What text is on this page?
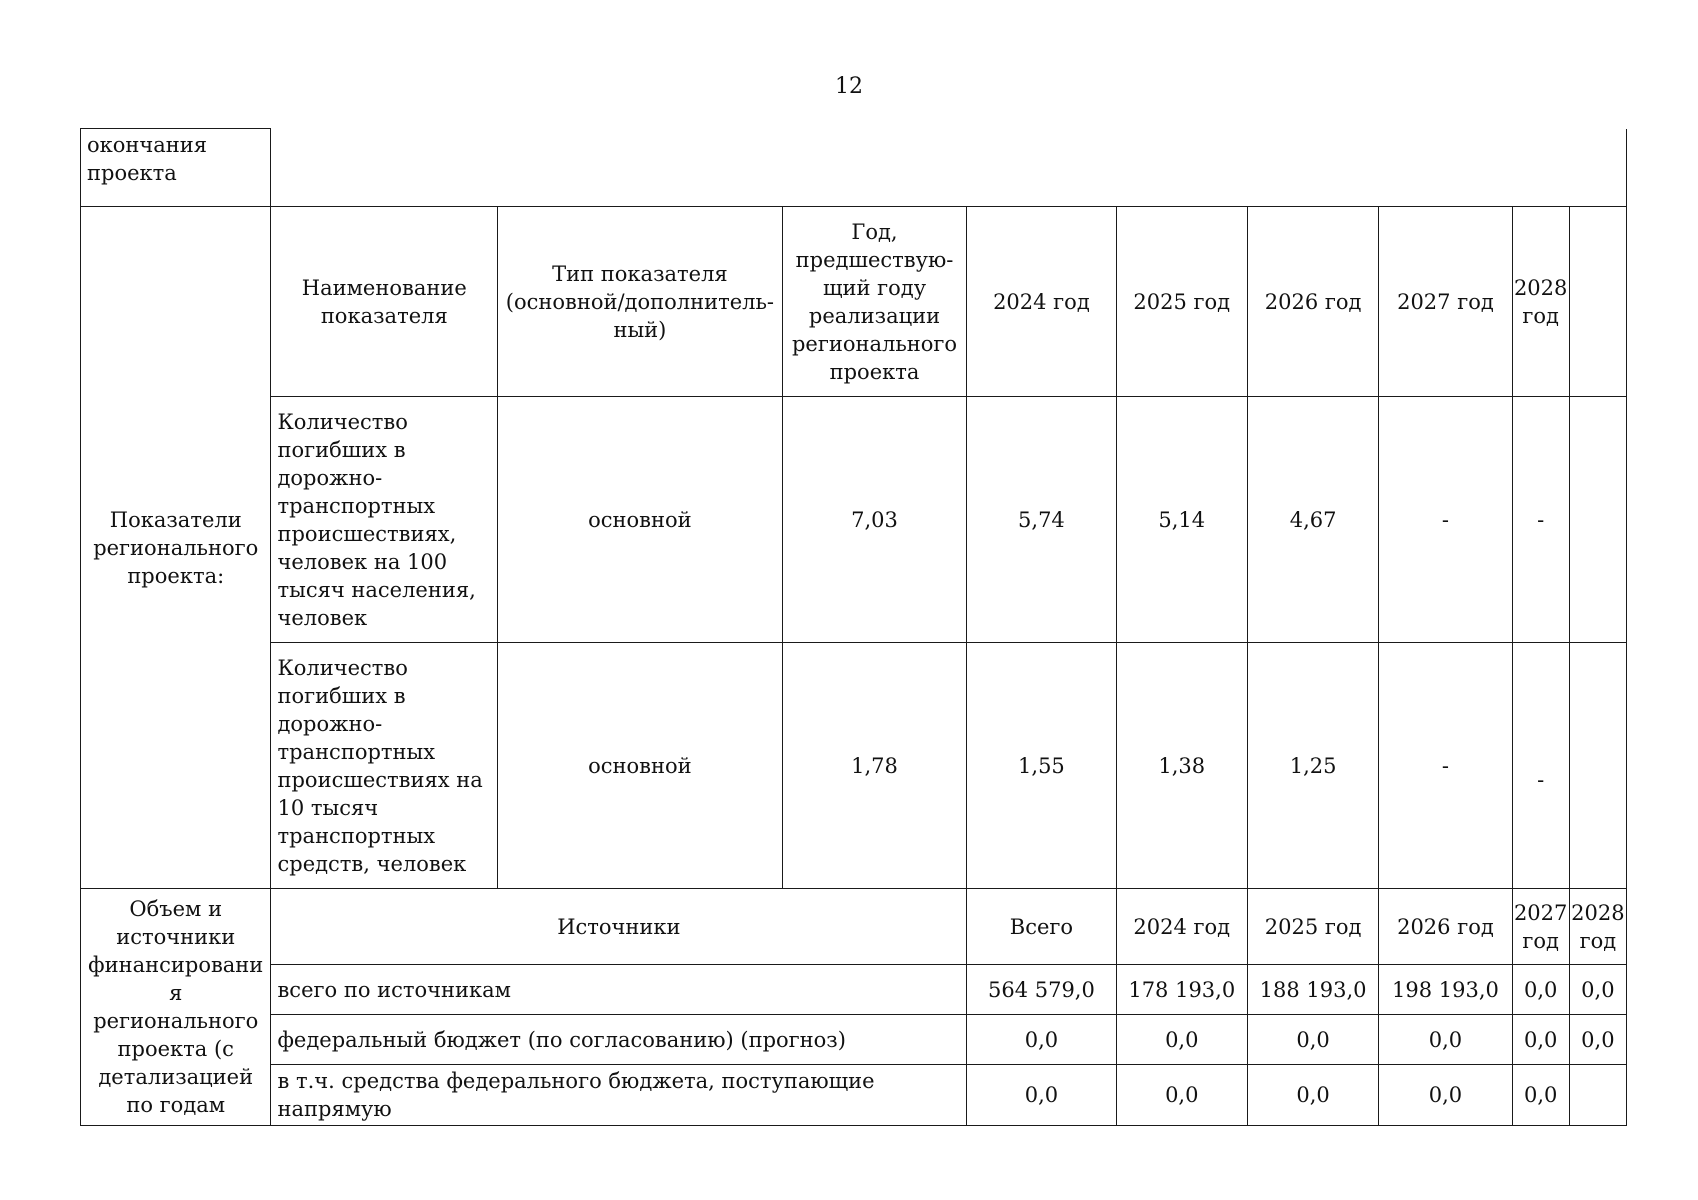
12
окончания проекта									
Показатели регионального проекта:	Наименование показателя	Тип показателя (основной/дополнитель-ный)	Год, предшествую-щий году реализации регионального проекта	2024 год	2025 год	2026 год	2027 год	2028 год	
	Количество погибших в дорожно-транспортных происшествиях, человек на 100 тысяч населения, человек	основной	7,03	5,74	5,14	4,67	-	-	
	Количество погибших в дорожно-транспортных происшествиях на 10 тысяч транспортных средств, человек	основной	1,78	1,55	1,38	1,25	-	-	
Объем и источники финансирования регионального проекта (с детализацией по годам	Источники			Всего	2024 год	2025 год	2026 год	2027 год	2028 год
	всего по источникам			564 579,0	178 193,0	188 193,0	198 193,0	0,0	0,0
	федеральный бюджет (по согласованию) (прогноз)			0,0	0,0	0,0	0,0	0,0	0,0
	в т.ч. средства федерального бюджета, поступающие напрямую			0,0	0,0	0,0	0,0	0,0	
